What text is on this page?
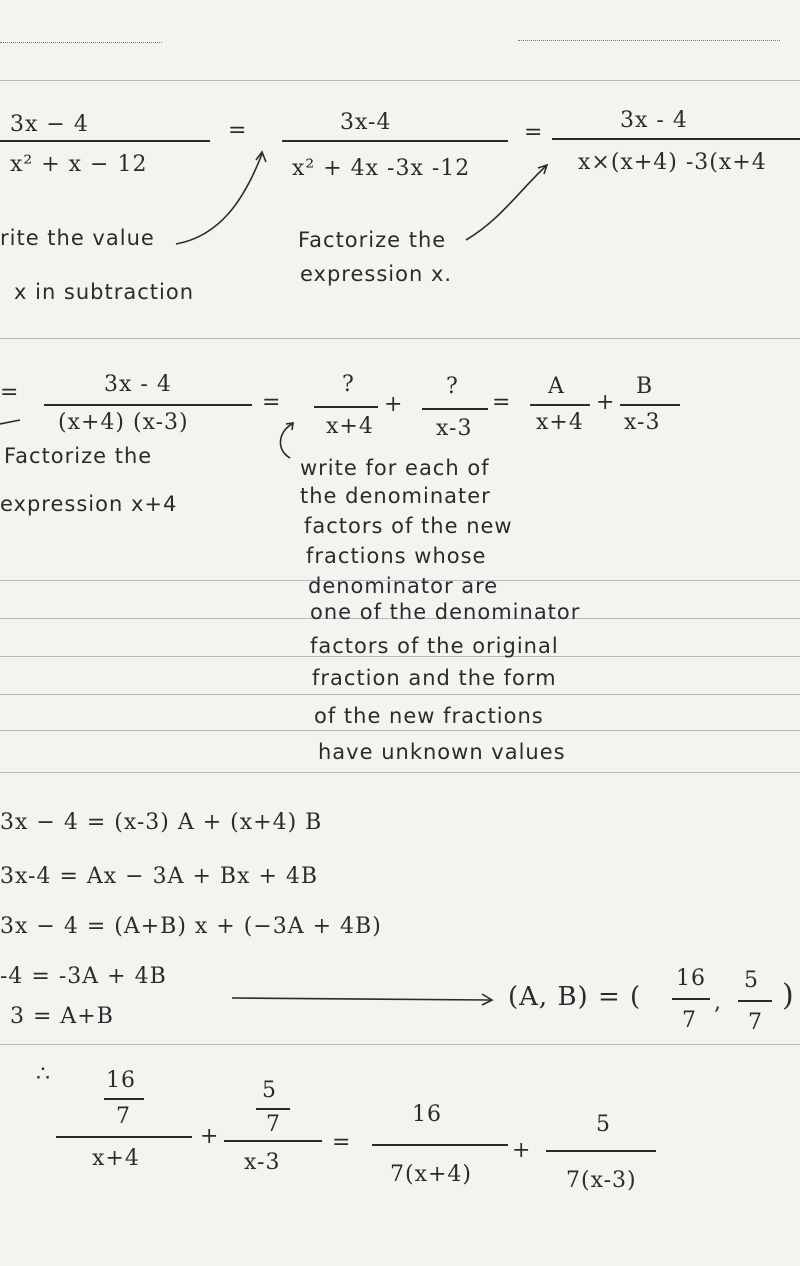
3x − 4
x² + x − 12
=	3x-4
x² + 4x -3x -12
=	3x - 4
x×(x+4) -3(x+4
rite the value
x in subtraction
Factorize the
expression x.
=	3x - 4
(x+4) (x-3)
=
?
x+4
+
?
x-3
=
A
x+4
+
B
x-3
Factorize the
expression x+4
write for each of
the denominater
factors of the new
fractions whose
denominator are
one of the denominator
factors of the original
fraction and the form
of the new fractions
have unknown values
3x − 4 = (x-3) A + (x+4) B
3x-4 = Ax − 3A + Bx + 4B
3x − 4 = (A+B) x + (−3A + 4B)
-4 = -3A + 4B
3 = A+B
(A, B) = (
16
7
,
5
7
)
∴	16
7
x+4
+
5
7
x-3
=
16
7(x+4)
+
5
7(x-3)
